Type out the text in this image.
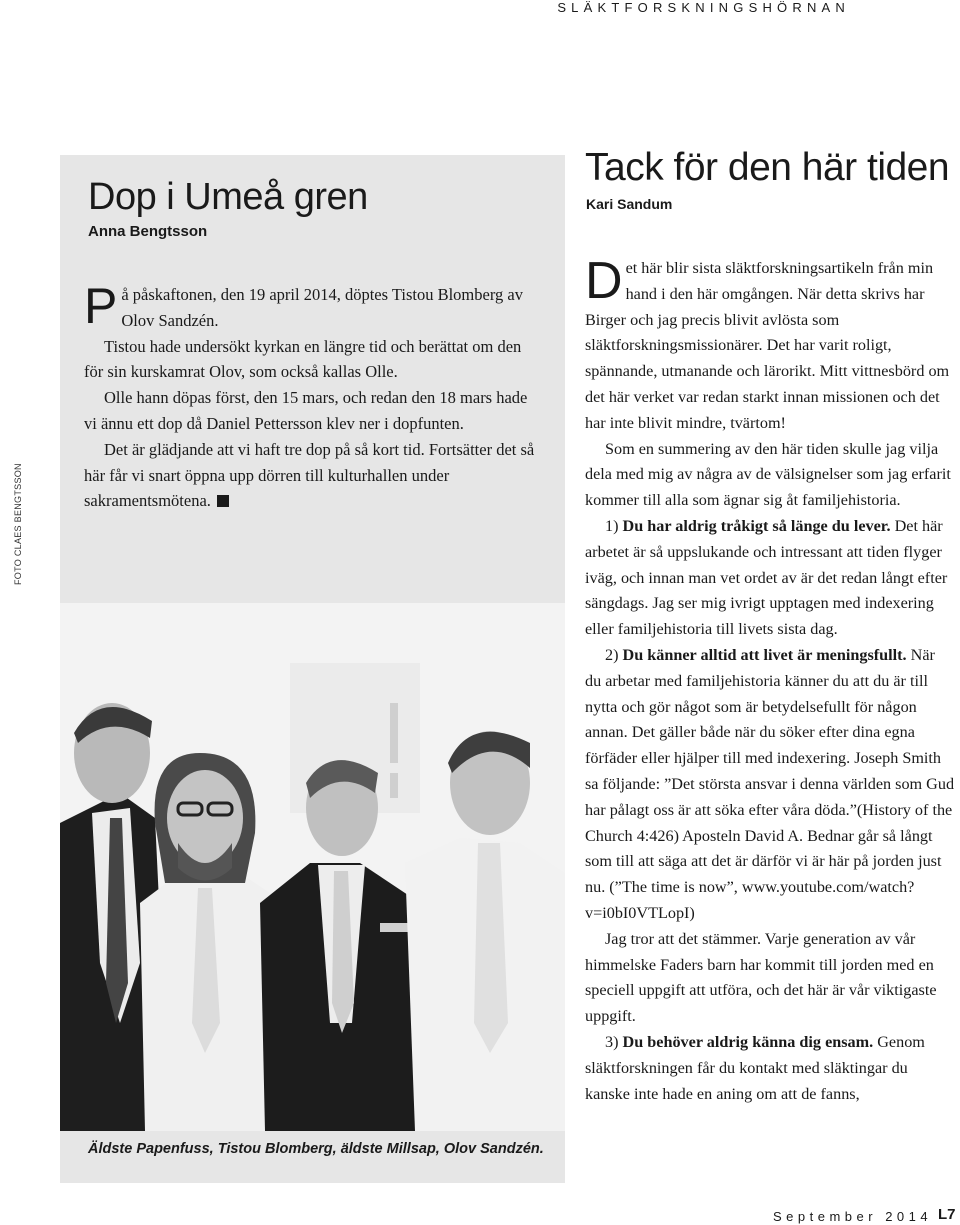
SLÄKTFORSKNINGSHÖRNAN
Dop i Umeå gren
Anna Bengtsson

På påskaftonen, den 19 april 2014, döptes Tistou Blomberg av Olov Sandzén.

Tistou hade undersökt kyrkan en längre tid och berättat om den för sin kurskamrat Olov, som också kallas Olle.

Olle hann döpas först, den 15 mars, och redan den 18 mars hade vi ännu ett dop då Daniel Pettersson klev ner i dopfunten.

Det är glädjande att vi haft tre dop på så kort tid. Fortsätter det så här får vi snart öppna upp dörren till kulturhallen under sakramentsmötena.

FOTO CLAES BENGTSSON
Äldste Papenfuss, Tistou Blomberg, äldste Millsap, Olov Sandzén.
Tack för den här tiden
Kari Sandum

Det här blir sista släktforskningsartikeln från min hand i den här omgången. När detta skrivs har Birger och jag precis blivit avlösta som släktforskningsmissionärer. Det har varit roligt, spännande, utmanande och lärorikt. Mitt vittnesbörd om det här verket var redan starkt innan missionen och det har inte blivit mindre, tvärtom!

Som en summering av den här tiden skulle jag vilja dela med mig av några av de välsignelser som jag erfarit kommer till alla som ägnar sig åt familjehistoria.

1) Du har aldrig tråkigt så länge du lever. Det här arbetet är så uppslukande och intressant att tiden flyger iväg, och innan man vet ordet av är det redan långt efter sängdags. Jag ser mig ivrigt upptagen med indexering eller familjehistoria till livets sista dag.

2) Du känner alltid att livet är meningsfullt. När du arbetar med familjehistoria känner du att du är till nytta och gör något som är betydelsefullt för någon annan. Det gäller både när du söker efter dina egna förfäder eller hjälper till med indexering. Joseph Smith sa följande: ”Det största ansvar i denna världen som Gud har pålagt oss är att söka efter våra döda.”(History of the Church 4:426) Aposteln David A. Bednar går så långt som till att säga att det är därför vi är här på jorden just nu. (”The time is now”, www.youtube.com/watch?v=i0bI0VTLopI)

Jag tror att det stämmer. Varje generation av vår himmelske Faders barn har kommit till jorden med en speciell uppgift att utföra, och det här är vår viktigaste uppgift.

3) Du behöver aldrig känna dig ensam. Genom släktforskningen får du kontakt med släktingar du kanske inte hade en aning om att de fanns,

September 2014 L7
